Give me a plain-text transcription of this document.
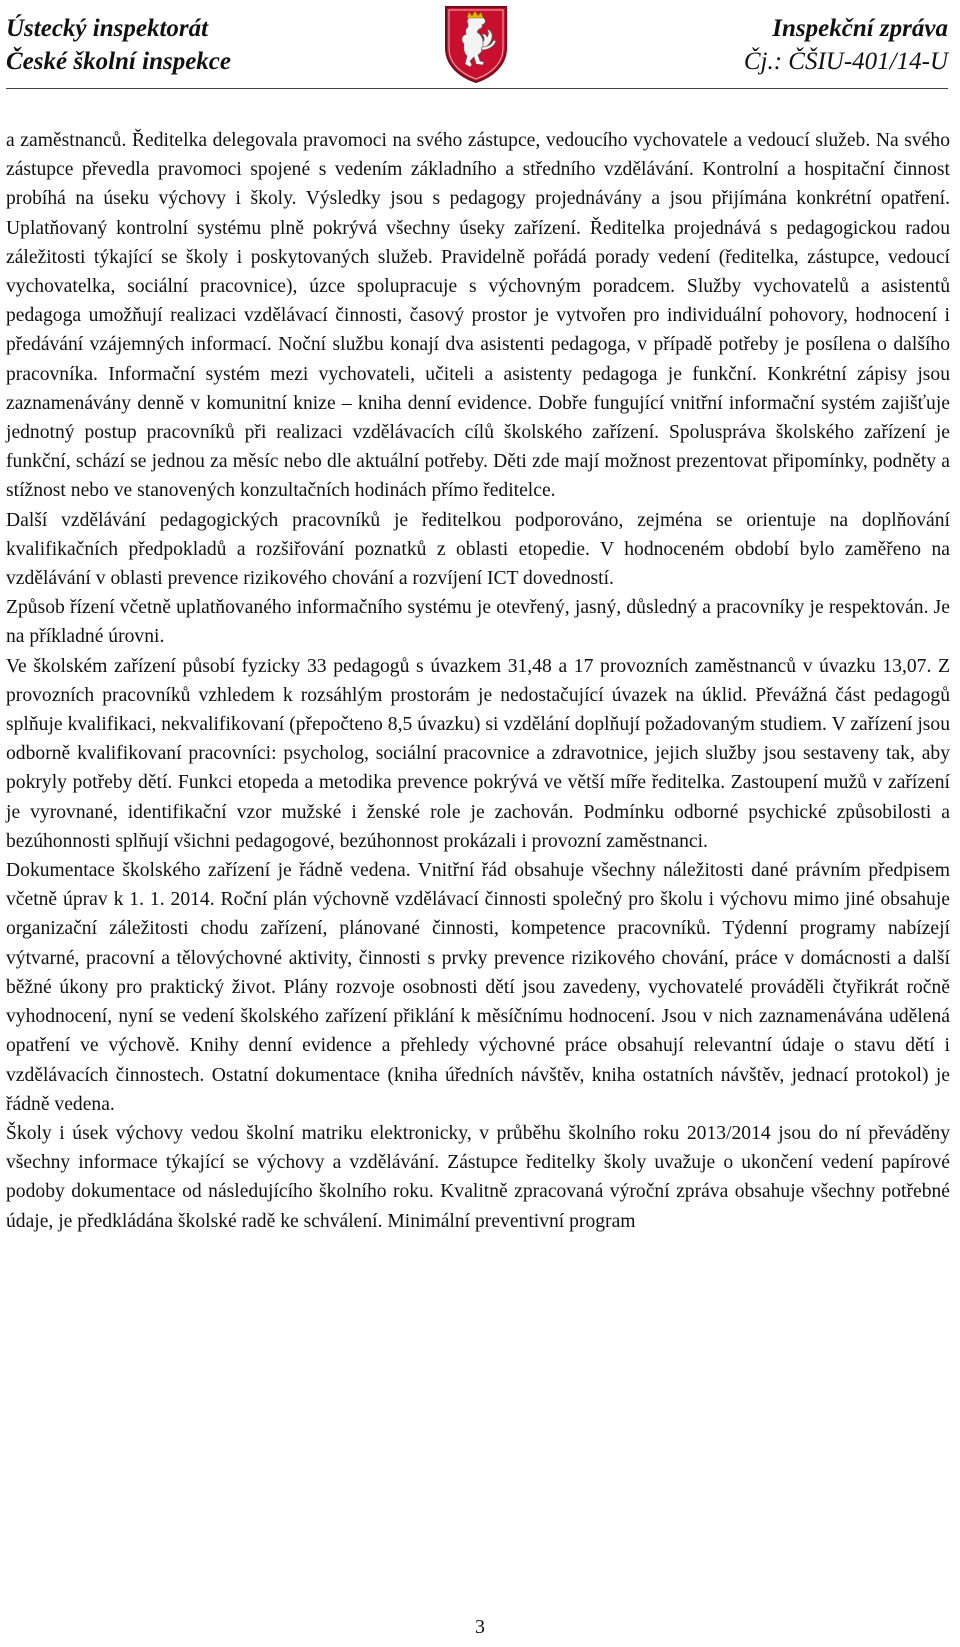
Ústecký inspektorát
České školní inspekce
Inspekční zpráva
Čj.: ČŠIU-401/14-U

a zaměstnanců. Ředitelka delegovala pravomoci na svého zástupce, vedoucího vychovatele a vedoucí služeb. Na svého zástupce převedla pravomoci spojené s vedením základního a středního vzdělávání. Kontrolní a hospitační činnost probíhá na úseku výchovy i školy. Výsledky jsou s pedagogy projednávány a jsou přijímána konkrétní opatření. Uplatňovaný kontrolní systému plně pokrývá všechny úseky zařízení. Ředitelka projednává s pedagogickou radou záležitosti týkající se školy i poskytovaných služeb. Pravidelně pořádá porady vedení (ředitelka, zástupce, vedoucí vychovatelka, sociální pracovnice), úzce spolupracuje s výchovným poradcem. Služby vychovatelů a asistentů pedagoga umožňují realizaci vzdělávací činnosti, časový prostor je vytvořen pro individuální pohovory, hodnocení i předávání vzájemných informací. Noční službu konají dva asistenti pedagoga, v případě potřeby je posílena o dalšího pracovníka. Informační systém mezi vychovateli, učiteli a asistenty pedagoga je funkční. Konkrétní zápisy jsou zaznamenávány denně v komunitní knize – kniha denní evidence. Dobře fungující vnitřní informační systém zajišťuje jednotný postup pracovníků při realizaci vzdělávacích cílů školského zařízení. Spolusprávа školského zařízení je funkční, schází se jednou za měsíc nebo dle aktuální potřeby. Děti zde mají možnost prezentovat připomínky, podněty a stížnost nebo ve stanovených konzultačních hodinách přímo ředitelce.

Další vzdělávání pedagogických pracovníků je ředitelkou podporováno, zejména se orientuje na doplňování kvalifikačních předpokladů a rozšiřování poznatků z oblasti etopedie. V hodnoceném období bylo zaměřeno na vzdělávání v oblasti prevence rizikového chování a rozvíjení ICT dovedností.

Způsob řízení včetně uplatňovaného informačního systému je otevřený, jasný, důsledný a pracovníky je respektován. Je na příkladné úrovni.

Ve školském zařízení působí fyzicky 33 pedagogů s úvazkem 31,48 a 17 provozních zaměstnanců v úvazku 13,07. Z provozních pracovníků vzhledem k rozsáhlým prostorám je nedostačující úvazek na úklid. Převážná část pedagogů splňuje kvalifikaci, nekvalifikovaní (přepočteno 8,5 úvazku) si vzdělání doplňují požadovaným studiem. V zařízení jsou odborně kvalifikovaní pracovníci: psycholog, sociální pracovnice a zdravotnice, jejich služby jsou sestaveny tak, aby pokryly potřeby dětí. Funkci etopeda a metodika prevence pokrývá ve větší míře ředitelka. Zastoupení mužů v zařízení je vyrovnané, identifikační vzor mužské i ženské role je zachován. Podmínku odborné psychické způsobilosti a bezúhonnosti splňují všichni pedagogové, bezúhonnost prokázali i provozní zaměstnanci.

Dokumentace školského zařízení je řádně vedena. Vnitřní řád obsahuje všechny náležitosti dané právním předpisem včetně úprav k 1. 1. 2014. Roční plán výchovně vzdělávací činnosti společný pro školu i výchovu mimo jiné obsahuje organizační záležitosti chodu zařízení, plánované činnosti, kompetence pracovníků. Týdenní programy nabízejí výtvarné, pracovní a tělovýchovné aktivity, činnosti s prvky prevence rizikového chování, práce v domácnosti a další běžné úkony pro praktický život. Plány rozvoje osobnosti dětí jsou zavedeny, vychovatelé prováděli čtyřikrát ročně vyhodnocení, nyní se vedení školského zařízení přiklání k měsíčnímu hodnocení. Jsou v nich zaznamenávána udělená opatření ve výchově. Knihy denní evidence a přehledy výchovné práce obsahují relevantní údaje o stavu dětí i vzdělávacích činnostech. Ostatní dokumentace (kniha úředních návštěv, kniha ostatních návštěv, jednací protokol) je řádně vedena.

Školy i úsek výchovy vedou školní matriku elektronicky, v průběhu školního roku 2013/2014 jsou do ní převáděny všechny informace týkající se výchovy a vzdělávání. Zástupce ředitelky školy uvažuje o ukončení vedení papírové podoby dokumentace od následujícího školního roku. Kvalitně zpracovaná výroční zpráva obsahuje všechny potřebné údaje, je předkládána školské radě ke schválení. Minimální preventivní program

3
